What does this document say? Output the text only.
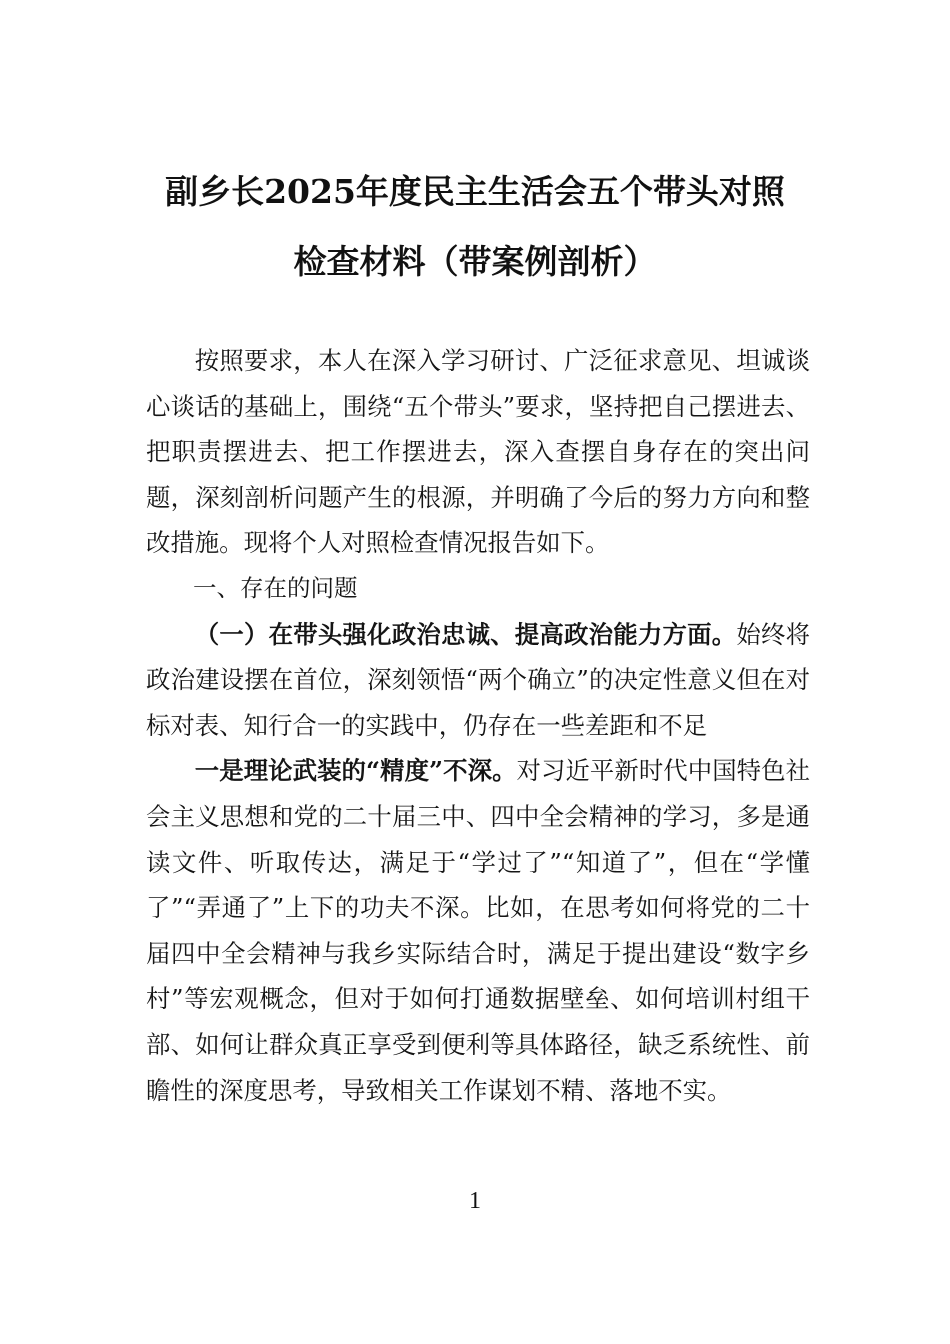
副乡长2025年度民主生活会五个带头对照
检查材料（带案例剖析）

按照要求，本人在深入学习研讨、广泛征求意见、坦诚谈心谈话的基础上，围绕“五个带头”要求，坚持把自己摆进去、把职责摆进去、把工作摆进去，深入查摆自身存在的突出问题，深刻剖析问题产生的根源，并明确了今后的努力方向和整改措施。现将个人对照检查情况报告如下。

一、存在的问题

（一）在带头强化政治忠诚、提高政治能力方面。始终将政治建设摆在首位，深刻领悟“两个确立”的决定性意义但在对标对表、知行合一的实践中，仍存在一些差距和不足

一是理论武装的“精度”不深。对习近平新时代中国特色社会主义思想和党的二十届三中、四中全会精神的学习，多是通读文件、听取传达，满足于“学过了”“知道了”，但在“学懂了”“弄通了”上下的功夫不深。比如，在思考如何将党的二十届四中全会精神与我乡实际结合时，满足于提出建设“数字乡村”等宏观概念，但对于如何打通数据壁垒、如何培训村组干部、如何让群众真正享受到便利等具体路径，缺乏系统性、前瞻性的深度思考，导致相关工作谋划不精、落地不实。

1
